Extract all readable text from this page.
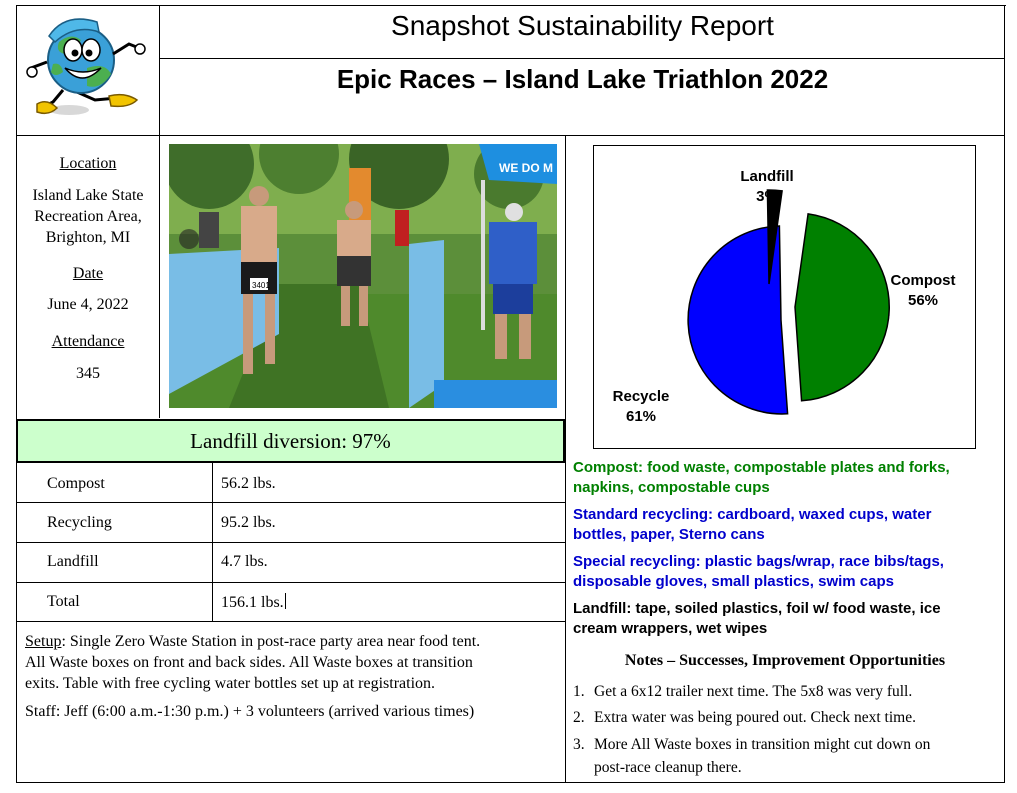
Snapshot Sustainability Report
Epic Races – Island Lake Triathlon 2022
Location
Island Lake State
Recreation Area,
Brighton, MI
Date
June 4, 2022
Attendance
345
WE DO M
3401
Landfill diversion: 97%
Compost	56.2 lbs.
Recycling	95.2 lbs.
Landfill	4.7 lbs.
Total	156.1 lbs.
Setup: Single Zero Waste Station in post-race party area near food tent.
All Waste boxes on front and back sides. All Waste boxes at transition
exits. Table with free cycling water bottles set up at registration.
Staff: Jeff (6:00 a.m.-1:30 p.m.) + 3 volunteers (arrived various times)
Landfill
3%
Compost
56%
Recycle
61%
Compost: food waste, compostable plates and forks,
napkins, compostable cups
Standard recycling: cardboard, waxed cups, water
bottles, paper, Sterno cans
Special recycling: plastic bags/wrap, race bibs/tags,
disposable gloves, small plastics, swim caps
Landfill: tape, soiled plastics, foil w/ food waste, ice
cream wrappers, wet wipes
Notes – Successes, Improvement Opportunities
1. Get a 6x12 trailer next time. The 5x8 was very full.
2. Extra water was being poured out. Check next time.
3. More All Waste boxes in transition might cut down on
post-race cleanup there.
